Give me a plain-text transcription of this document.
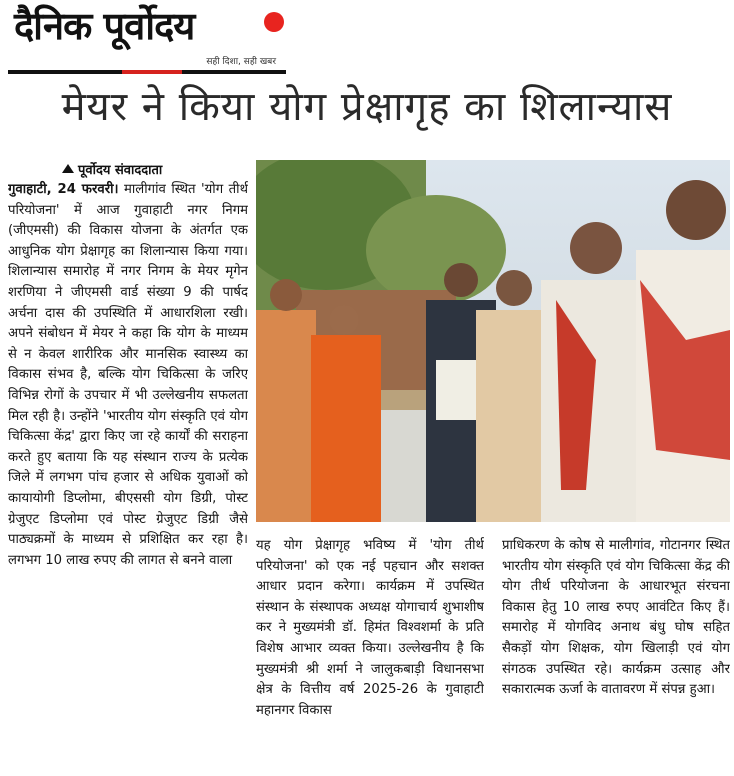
दैनिक पूर्वोदय
सही दिशा, सही खबर
मेयर ने किया योग प्रेक्षागृह का शिलान्यास
पूर्वोदय संवाददाता
गुवाहाटी, 24 फरवरी। मालीगांव स्थित 'योग तीर्थ परियोजना' में आज गुवाहाटी नगर निगम (जीएमसी) की विकास योजना के अंतर्गत एक आधुनिक योग प्रेक्षागृह का शिलान्यास किया गया। शिलान्यास समारोह में नगर निगम के मेयर मृगेन शरणिया ने जीएमसी वार्ड संख्या 9 की पार्षद अर्चना दास की उपस्थिति में आधारशिला रखी। अपने संबोधन में मेयर ने कहा कि योग के माध्यम से न केवल शारीरिक और मानसिक स्वास्थ्य का विकास संभव है, बल्कि योग चिकित्सा के जरिए विभिन्न रोगों के उपचार में भी उल्लेखनीय सफलता मिल रही है। उन्होंने 'भारतीय योग संस्कृति एवं योग चिकित्सा केंद्र' द्वारा किए जा रहे कार्यों की सराहना करते हुए बताया कि यह संस्थान राज्य के प्रत्येक जिले में लगभग पांच हजार से अधिक युवाओं को कायायोगी डिप्लोमा, बीएससी योग डिग्री, पोस्ट ग्रेजुएट डिप्लोमा एवं पोस्ट ग्रेजुएट डिग्री जैसे पाठ्यक्रमों के माध्यम से प्रशिक्षित कर रहा है। लगभग 10 लाख रुपए की लागत से बनने वाला
यह योग प्रेक्षागृह भविष्य में 'योग तीर्थ परियोजना' को एक नई पहचान और सशक्त आधार प्रदान करेगा। कार्यक्रम में उपस्थित संस्थान के संस्थापक अध्यक्ष योगाचार्य शुभाशीष कर ने मुख्यमंत्री डॉ. हिमंत विश्वशर्मा के प्रति विशेष आभार व्यक्त किया। उल्लेखनीय है कि मुख्यमंत्री श्री शर्मा ने जालुकबाड़ी विधानसभा क्षेत्र के वित्तीय वर्ष 2025-26 के गुवाहाटी महानगर विकास
प्राधिकरण के कोष से मालीगांव, गोटानगर स्थित भारतीय योग संस्कृति एवं योग चिकित्सा केंद्र की योग तीर्थ परियोजना के आधारभूत संरचना विकास हेतु 10 लाख रुपए आवंटित किए हैं। समारोह में योगविद अनाथ बंधु घोष सहित सैकड़ों योग शिक्षक, योग खिलाड़ी एवं योग संगठक उपस्थित रहे। कार्यक्रम उत्साह और सकारात्मक ऊर्जा के वातावरण में संपन्न हुआ।
